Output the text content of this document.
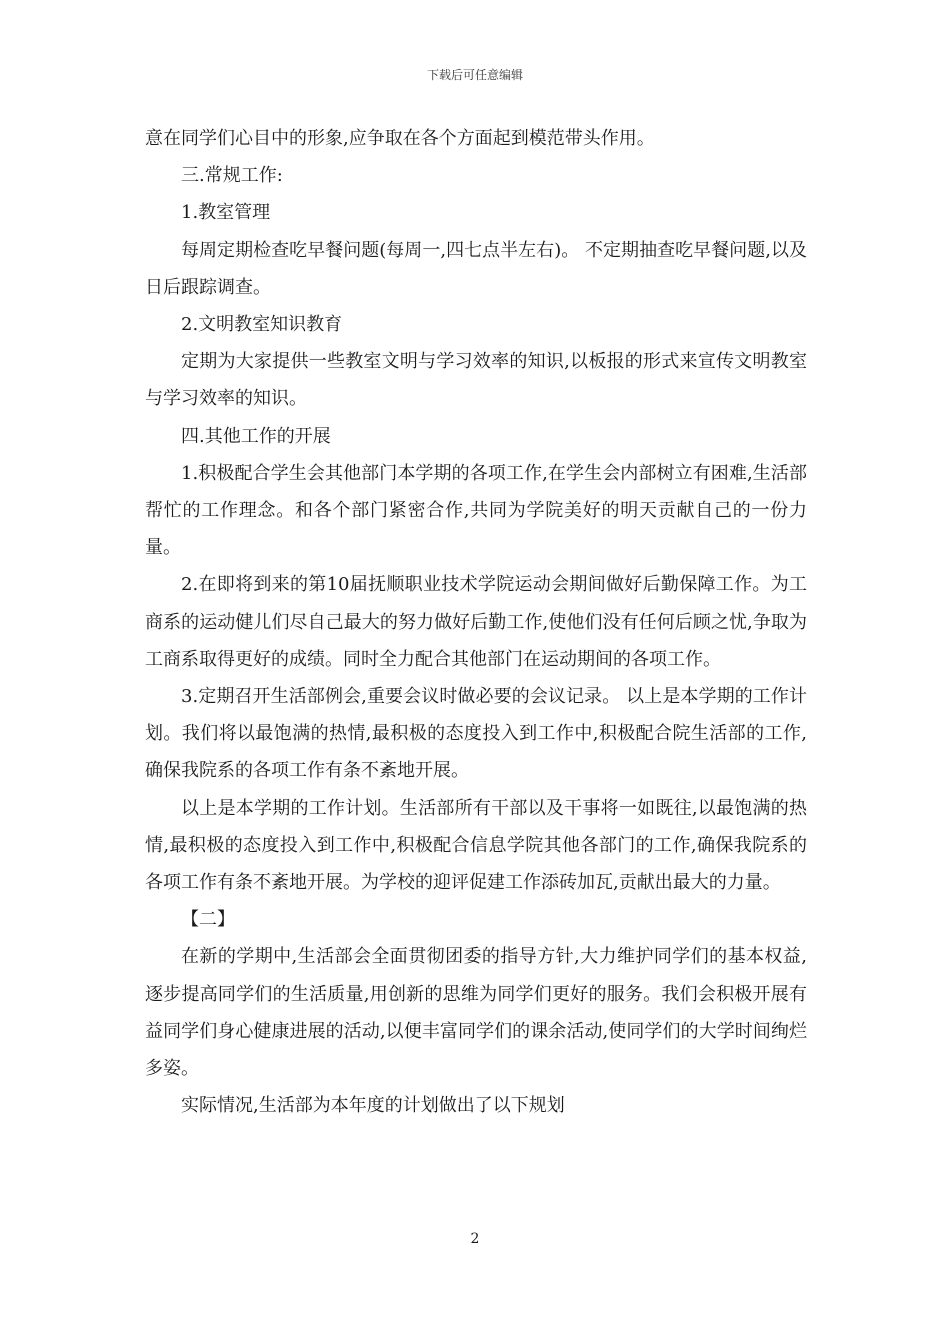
下载后可任意编辑

意在同学们心目中的形象,应争取在各个方面起到模范带头作用。

三.常规工作:

1.教室管理

每周定期检查吃早餐问题(每周一,四七点半左右)。 不定期抽查吃早餐问题,以及日后跟踪调查。

2.文明教室知识教育

定期为大家提供一些教室文明与学习效率的知识,以板报的形式来宣传文明教室与学习效率的知识。

四.其他工作的开展

1.积极配合学生会其他部门本学期的各项工作,在学生会内部树立有困难,生活部帮忙的工作理念。和各个部门紧密合作,共同为学院美好的明天贡献自己的一份力量。

2.在即将到来的第10届抚顺职业技术学院运动会期间做好后勤保障工作。为工商系的运动健儿们尽自己最大的努力做好后勤工作,使他们没有任何后顾之忧,争取为工商系取得更好的成绩。同时全力配合其他部门在运动期间的各项工作。

3.定期召开生活部例会,重要会议时做必要的会议记录。 以上是本学期的工作计划。我们将以最饱满的热情,最积极的态度投入到工作中,积极配合院生活部的工作,确保我院系的各项工作有条不紊地开展。

以上是本学期的工作计划。生活部所有干部以及干事将一如既往,以最饱满的热情,最积极的态度投入到工作中,积极配合信息学院其他各部门的工作,确保我院系的各项工作有条不紊地开展。为学校的迎评促建工作添砖加瓦,贡献出最大的力量。

【二】

在新的学期中,生活部会全面贯彻团委的指导方针,大力维护同学们的基本权益,逐步提高同学们的生活质量,用创新的思维为同学们更好的服务。我们会积极开展有益同学们身心健康进展的活动,以便丰富同学们的课余活动,使同学们的大学时间绚烂多姿。

实际情况,生活部为本年度的计划做出了以下规划

2
